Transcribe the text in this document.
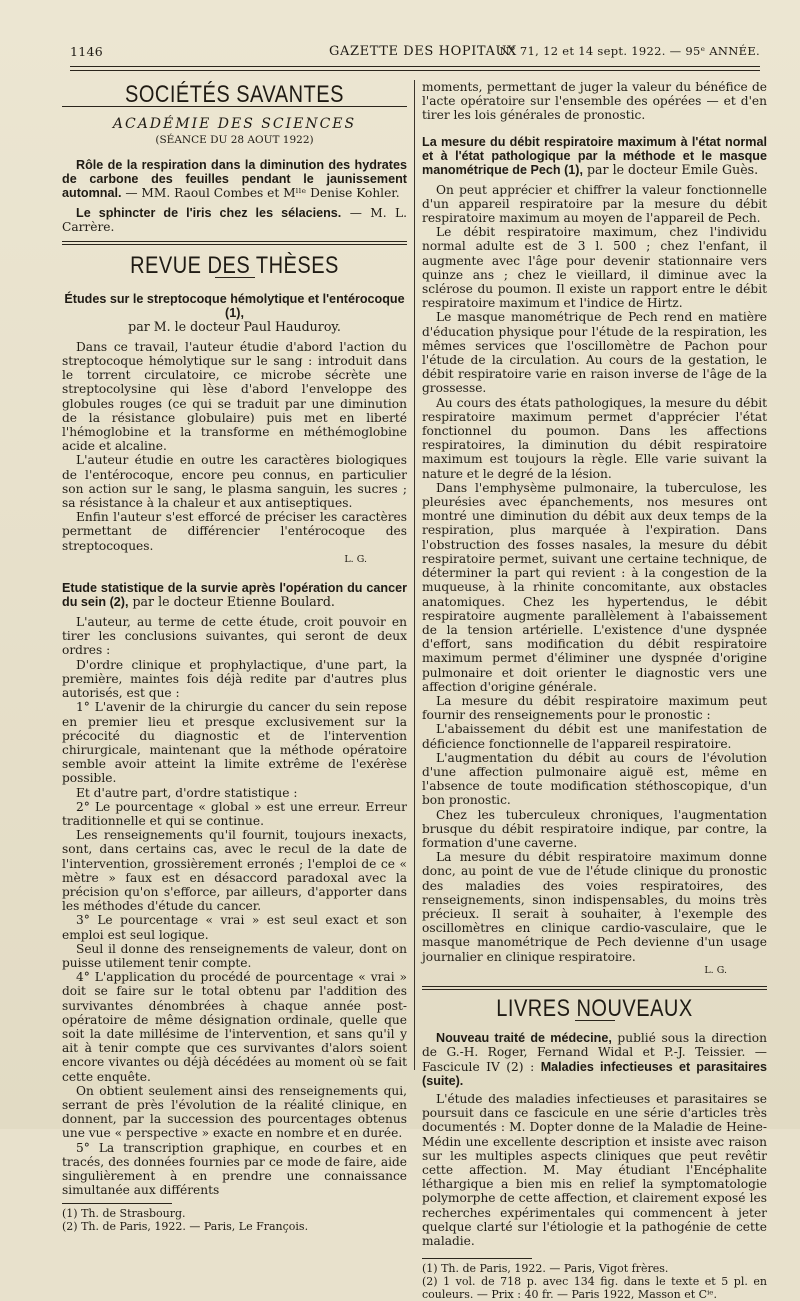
1146	GAZETTE DES HOPITAUX
N° 71, 12 et 14 sept. 1922. — 95ᵉ ANNÉE.
SOCIÉTÉS SAVANTES
ACADÉMIE DES SCIENCES
(SÉANCE DU 28 AOUT 1922)

Rôle de la respiration dans la diminution des hydrates de carbone des feuilles pendant le jaunissement automnal. — MM. Raoul Combes et Mˡˡᵉ Denise Kohler.

Le sphincter de l'iris chez les sélaciens. — M. L. Carrère.

REVUE DES THÈSES
Études sur le streptocoque hémolytique et l'entérocoque (1),
par M. le docteur Paul Hauduroy.

Dans ce travail, l'auteur étudie d'abord l'action du streptocoque hémolytique sur le sang : introduit dans le torrent circulatoire, ce microbe sécrète une streptocolysine qui lèse d'abord l'enveloppe des globules rouges (ce qui se traduit par une diminution de la résistance globulaire) puis met en liberté l'hémoglobine et la transforme en méthémoglobine acide et alcaline.

L'auteur étudie en outre les caractères biologiques de l'entérocoque, encore peu connus, en particulier son action sur le sang, le plasma sanguin, les sucres ; sa résistance à la chaleur et aux antiseptiques.

Enfin l'auteur s'est efforcé de préciser les caractères permettant de différencier l'entérocoque des streptocoques.

L. G.
Etude statistique de la survie après l'opération du cancer du sein (2), par le docteur Etienne Boulard.

L'auteur, au terme de cette étude, croit pouvoir en tirer les conclusions suivantes, qui seront de deux ordres :

D'ordre clinique et prophylactique, d'une part, la première, maintes fois déjà redite par d'autres plus autorisés, est que :

1° L'avenir de la chirurgie du cancer du sein repose en premier lieu et presque exclusivement sur la précocité du diagnostic et de l'intervention chirurgicale, maintenant que la méthode opératoire semble avoir atteint la limite extrême de l'exérèse possible.

Et d'autre part, d'ordre statistique :

2° Le pourcentage « global » est une erreur. Erreur traditionnelle et qui se continue.

Les renseignements qu'il fournit, toujours inexacts, sont, dans certains cas, avec le recul de la date de l'intervention, grossièrement erronés ; l'emploi de ce « mètre » faux est en désaccord paradoxal avec la précision qu'on s'efforce, par ailleurs, d'apporter dans les méthodes d'étude du cancer.

3° Le pourcentage « vrai » est seul exact et son emploi est seul logique.

Seul il donne des renseignements de valeur, dont on puisse utilement tenir compte.

4° L'application du procédé de pourcentage « vrai » doit se faire sur le total obtenu par l'addition des survivantes dénombrées à chaque année post-opératoire de même désignation ordinale, quelle que soit la date millésime de l'intervention, et sans qu'il y ait à tenir compte que ces survivantes d'alors soient encore vivantes ou déjà décédées au moment où se fait cette enquête.

On obtient seulement ainsi des renseignements qui, serrant de près l'évolution de la réalité clinique, en donnent, par la succession des pourcentages obtenus une vue « perspective » exacte en nombre et en durée.

5° La transcription graphique, en courbes et en tracés, des données fournies par ce mode de faire, aide singulièrement à en prendre une connaissance simultanée aux différents

(1) Th. de Strasbourg.
(2) Th. de Paris, 1922. — Paris, Le François.

moments, permettant de juger la valeur du bénéfice de l'acte opératoire sur l'ensemble des opérées — et d'en tirer les lois générales de pronostic.

La mesure du débit respiratoire maximum à l'état normal et à l'état pathologique par la méthode et le masque manométrique de Pech (1), par le docteur Emile Guès.

On peut apprécier et chiffrer la valeur fonctionnelle d'un appareil respiratoire par la mesure du débit respiratoire maximum au moyen de l'appareil de Pech.

Le débit respiratoire maximum, chez l'individu normal adulte est de 3 l. 500 ; chez l'enfant, il augmente avec l'âge pour devenir stationnaire vers quinze ans ; chez le vieillard, il diminue avec la sclérose du poumon. Il existe un rapport entre le débit respiratoire maximum et l'indice de Hirtz.

Le masque manométrique de Pech rend en matière d'éducation physique pour l'étude de la respiration, les mêmes services que l'oscillomètre de Pachon pour l'étude de la circulation. Au cours de la gestation, le débit respiratoire varie en raison inverse de l'âge de la grossesse.

Au cours des états pathologiques, la mesure du débit respiratoire maximum permet d'apprécier l'état fonctionnel du poumon. Dans les affections respiratoires, la diminution du débit respiratoire maximum est toujours la règle. Elle varie suivant la nature et le degré de la lésion.

Dans l'emphysème pulmonaire, la tuberculose, les pleurésies avec épanchements, nos mesures ont montré une diminution du débit aux deux temps de la respiration, plus marquée à l'expiration. Dans l'obstruction des fosses nasales, la mesure du débit respiratoire permet, suivant une certaine technique, de déterminer la part qui revient : à la congestion de la muqueuse, à la rhinite concomitante, aux obstacles anatomiques. Chez les hypertendus, le débit respiratoire augmente parallèlement à l'abaissement de la tension artérielle. L'existence d'une dyspnée d'effort, sans modification du débit respiratoire maximum permet d'éliminer une dyspnée d'origine pulmonaire et doit orienter le diagnostic vers une affection d'origine générale.

La mesure du débit respiratoire maximum peut fournir des renseignements pour le pronostic :

L'abaissement du débit est une manifestation de déficience fonctionnelle de l'appareil respiratoire.

L'augmentation du débit au cours de l'évolution d'une affection pulmonaire aiguë est, même en l'absence de toute modification stéthoscopique, d'un bon pronostic.

Chez les tuberculeux chroniques, l'augmentation brusque du débit respiratoire indique, par contre, la formation d'une caverne.

La mesure du débit respiratoire maximum donne donc, au point de vue de l'étude clinique du pronostic des maladies des voies respiratoires, des renseignements, sinon indispensables, du moins très précieux. Il serait à souhaiter, à l'exemple des oscillomètres en clinique cardio-vasculaire, que le masque manométrique de Pech devienne d'un usage journalier en clinique respiratoire.

L. G.
LIVRES NOUVEAUX

Nouveau traité de médecine, publié sous la direction de G.-H. Roger, Fernand Widal et P.-J. Teissier. — Fascicule IV (2) : Maladies infectieuses et parasitaires (suite).

L'étude des maladies infectieuses et parasitaires se poursuit dans ce fascicule en une série d'articles très documentés : M. Dopter donne de la Maladie de Heine-Médin une excellente description et insiste avec raison sur les multiples aspects cliniques que peut revêtir cette affection. M. May étudiant l'Encéphalite léthargique a bien mis en relief la symptomatologie polymorphe de cette affection, et clairement exposé les recherches expérimentales qui commencent à jeter quelque clarté sur l'étiologie et la pathogénie de cette maladie.

(1) Th. de Paris, 1922. — Paris, Vigot frères.
(2) 1 vol. de 718 p. avec 134 fig. dans le texte et 5 pl. en couleurs. — Prix : 40 fr. — Paris 1922, Masson et Cⁱᵉ.
